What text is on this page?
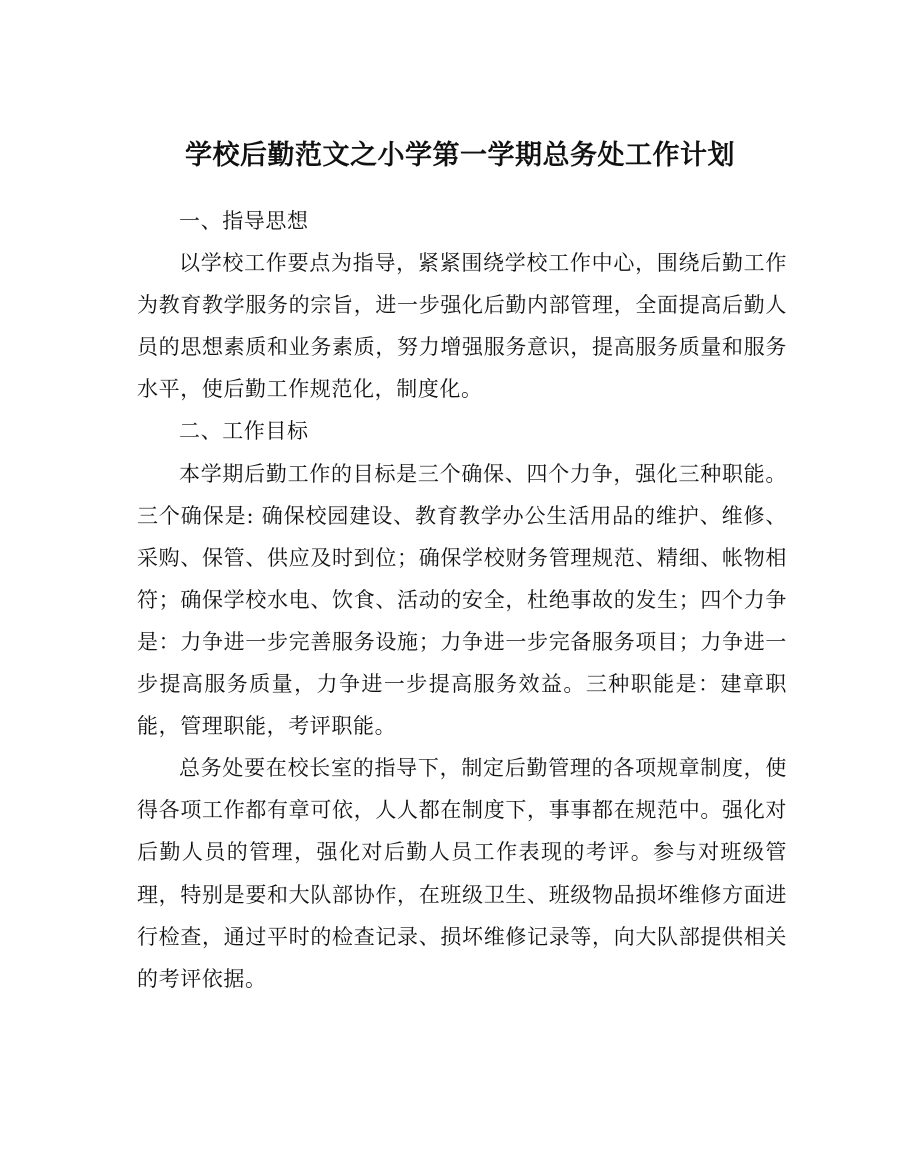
学校后勤范文之小学第一学期总务处工作计划

一、指导思想

以学校工作要点为指导，紧紧围绕学校工作中心，围绕后勤工作为教育教学服务的宗旨，进一步强化后勤内部管理，全面提高后勤人员的思想素质和业务素质，努力增强服务意识，提高服务质量和服务水平，使后勤工作规范化，制度化。

二、工作目标

本学期后勤工作的目标是三个确保、四个力争，强化三种职能。三个确保是: 确保校园建设、教育教学办公生活用品的维护、维修、采购、保管、供应及时到位；确保学校财务管理规范、精细、帐物相符；确保学校水电、饮食、活动的安全，杜绝事故的发生；四个力争是：力争进一步完善服务设施；力争进一步完备服务项目；力争进一步提高服务质量，力争进一步提高服务效益。三种职能是：建章职能，管理职能，考评职能。

总务处要在校长室的指导下，制定后勤管理的各项规章制度，使得各项工作都有章可依，人人都在制度下，事事都在规范中。强化对后勤人员的管理，强化对后勤人员工作表现的考评。参与对班级管理，特别是要和大队部协作，在班级卫生、班级物品损坏维修方面进行检查，通过平时的检查记录、损坏维修记录等，向大队部提供相关的考评依据。
